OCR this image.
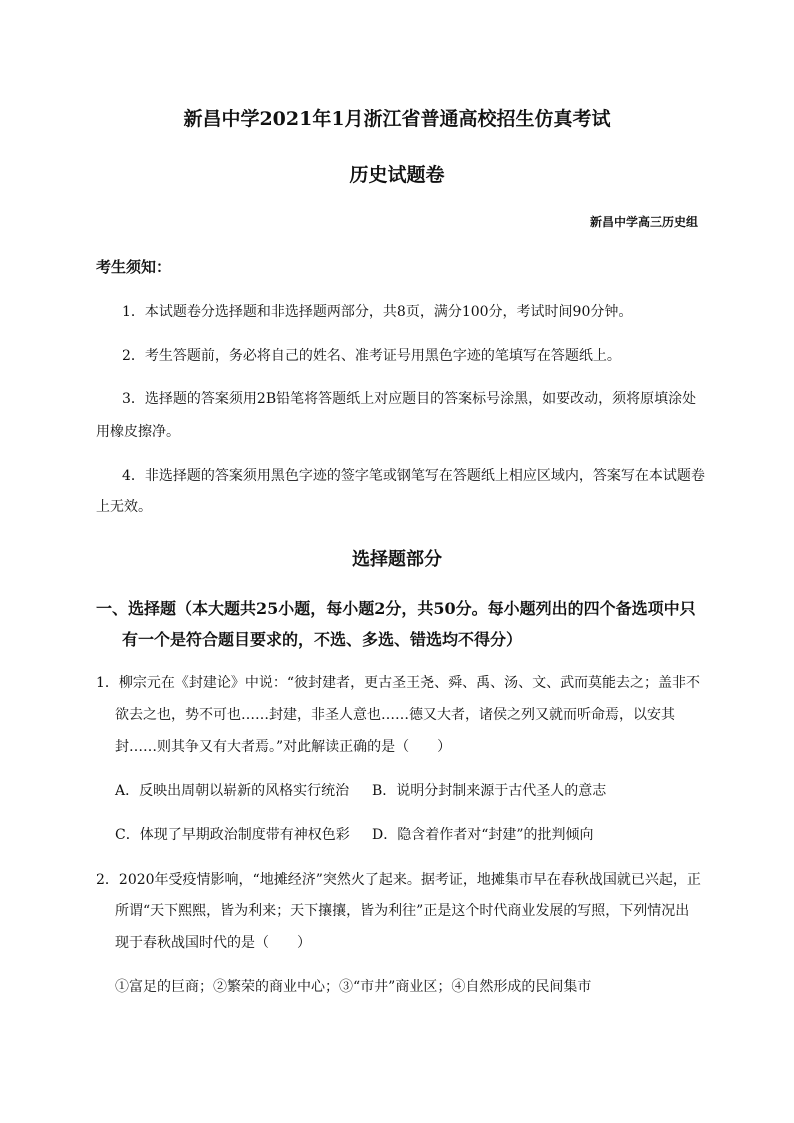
新昌中学2021年1月浙江省普通高校招生仿真考试
历史试题卷
新昌中学高三历史组
考生须知：
1．本试题卷分选择题和非选择题两部分，共8页，满分100分，考试时间90分钟。
2．考生答题前，务必将自己的姓名、准考证号用黑色字迹的笔填写在答题纸上。
3．选择题的答案须用2B铅笔将答题纸上对应题目的答案标号涂黑，如要改动，须将原填涂处
用橡皮擦净。
4．非选择题的答案须用黑色字迹的签字笔或钢笔写在答题纸上相应区域内，答案写在本试题卷
上无效。
选择题部分
一、选择题（本大题共25小题，每小题2分，共50分。每小题列出的四个备选项中只
有一个是符合题目要求的，不选、多选、错选均不得分）
1．柳宗元在《封建论》中说：“彼封建者，更古圣王尧、舜、禹、汤、文、武而莫能去之；盖非不
欲去之也，势不可也……封建，非圣人意也……德又大者，诸侯之列又就而听命焉，以安其
封……则其争又有大者焉。”对此解读正确的是（　　）
A．反映出周朝以崭新的风格实行统治 B．说明分封制来源于古代圣人的意志
C．体现了早期政治制度带有神权色彩 D．隐含着作者对“封建”的批判倾向
2．2020年受疫情影响，“地摊经济”突然火了起来。据考证，地摊集市早在春秋战国就已兴起，正
所谓“天下熙熙，皆为利来；天下攘攘，皆为利往”正是这个时代商业发展的写照，下列情况出
现于春秋战国时代的是（　　）
①富足的巨商；②繁荣的商业中心；③“市井”商业区；④自然形成的民间集市
